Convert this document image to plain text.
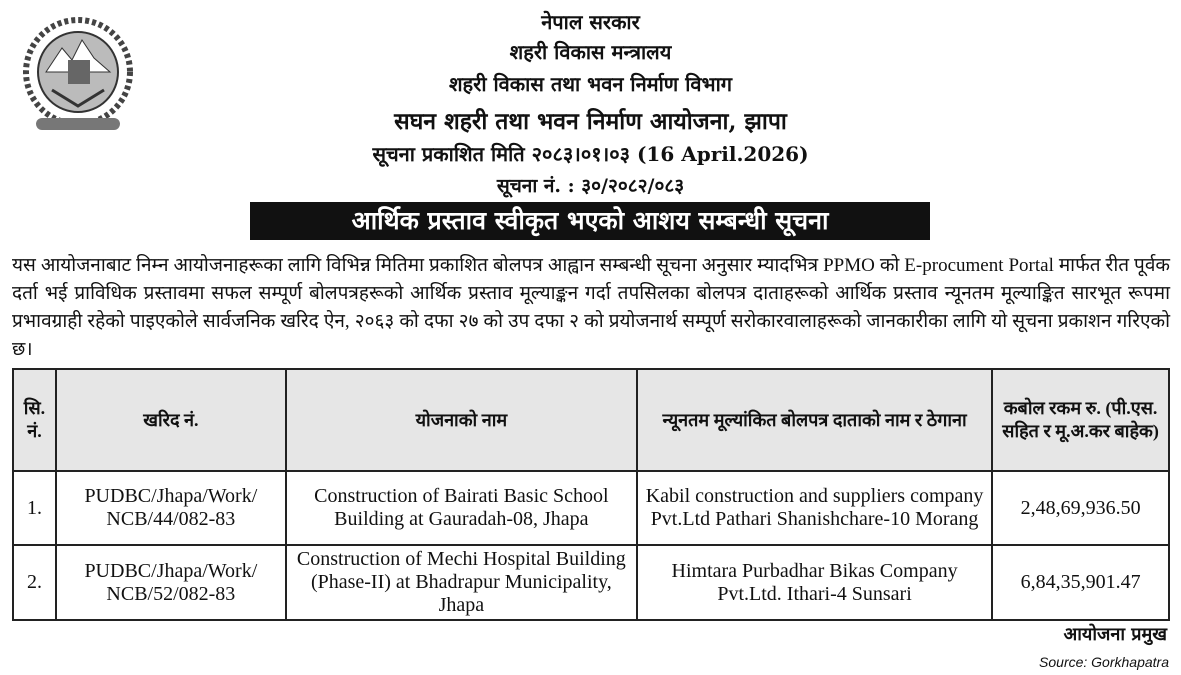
नेपाल सरकार
शहरी विकास मन्त्रालय
शहरी विकास तथा भवन निर्माण विभाग
सघन शहरी तथा भवन निर्माण आयोजना, झापा
सूचना प्रकाशित मिति २०८३।०१।०३ (16 April.2026)
सूचना नं. : ३०/२०८२/०८३
आर्थिक प्रस्ताव स्वीकृत भएको आशय सम्बन्धी सूचना
यस आयोजनाबाट निम्न आयोजनाहरूका लागि विभिन्न मितिमा प्रकाशित बोलपत्र आह्वान सम्बन्धी सूचना अनुसार म्यादभित्र PPMO को E-procument Portal मार्फत रीत पूर्वक दर्ता भई प्राविधिक प्रस्तावमा सफल सम्पूर्ण बोलपत्रहरूको आर्थिक प्रस्ताव मूल्याङ्कन गर्दा तपसिलका बोलपत्र दाताहरूको आर्थिक प्रस्ताव न्यूनतम मूल्याङ्कित सारभूत रूपमा प्रभावग्राही रहेको पाइएकोले सार्वजनिक खरिद ऐन, २०६३ को दफा २७ को उप दफा २ को प्रयोजनार्थ सम्पूर्ण सरोकारवालाहरूको जानकारीका लागि यो सूचना प्रकाशन गरिएको छ।
सि. नं.	खरिद नं.	योजनाको नाम	न्यूनतम मूल्यांकित बोलपत्र दाताको नाम र ठेगाना	कबोल रकम रु. (पी.एस. सहित र मू.अ.कर बाहेक)
1.	PUDBC/Jhapa/Work/ NCB/44/082-83	Construction of Bairati Basic School Building at Gauradah-08, Jhapa	Kabil construction and suppliers company Pvt.Ltd Pathari Shanishchare-10 Morang	2,48,69,936.50
2.	PUDBC/Jhapa/Work/ NCB/52/082-83	Construction of Mechi Hospital Building (Phase-II) at Bhadrapur Municipality, Jhapa	Himtara Purbadhar Bikas Company Pvt.Ltd. Ithari-4 Sunsari	6,84,35,901.47
आयोजना प्रमुख
Source: Gorkhapatra
